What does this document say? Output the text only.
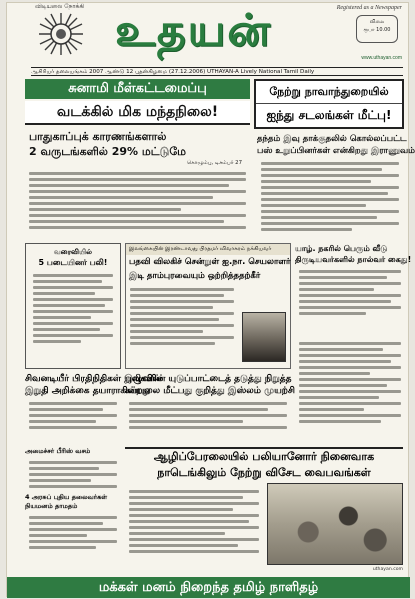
விடியலை நோக்கி உதயன்	Registered as a Newspaper
விலை
ரூபா 10.00
www.uthayan.com
ஆசிரியர் தலையங்கம் 2007 ஆண்டு 12 புதன்கிழமை (27.12.2006) UTHAYAN-A Lively National Tamil Daily
சுனாமி மீள்கட்டமைப்பு
வடக்கில் மிக மந்தநிலை!
பாதுகாப்புக் காரணங்களால்
2 வருடங்களில் 29% மட்டுமே
கொழும்பு, டிசம்பர் 27
நேற்று நாவாந்துறையில்
ஐந்து சடலங்கள் மீட்பு!
தந்தம் இவு தாக்குதலில் கொல்லப்பட்ட
பஸ் உறுப்பினர்கள் என்கிறது இராணுவம்
வரைவியில்
5 படையினர் பலி!
இலங்கையின் இரண்டாவது பிரதமர் விவாகரம் நக்கியவர்
பதவி விலகிச் சென்றுள் ஐ.நா. செயலாளர்
இடி தாம்புரவையும் ஒற்றித்ததற்கீர்
யாழ். நகரில் பெரும் வீடு
திருடியவர்களில் நால்வர் கைது!
சிவனடியீர் பிரதிநிதிகள் இழுவின்
இறுதி அறிக்கை தயாராகின்றது
புலிகளின் யுடுப்பாட்டைத் தடுத்து நிறுத்த
கப்பலை மீட்பது குறித்து இஸ்லம் முயற்சி
அமைச்சர் பீரிஸ் வசம்
4 அரசுப் புதிய தலைவர்கள்
நியமனம் தாமதம்
ஆழிப்பேரலையில் பலியானோர் நினைவாக
நாடெங்கிலும் நேற்று விசேட வைபவங்கள்
uthayan.com
மக்கள் மனம் நிறைந்த தமிழ் நாளிதழ்
